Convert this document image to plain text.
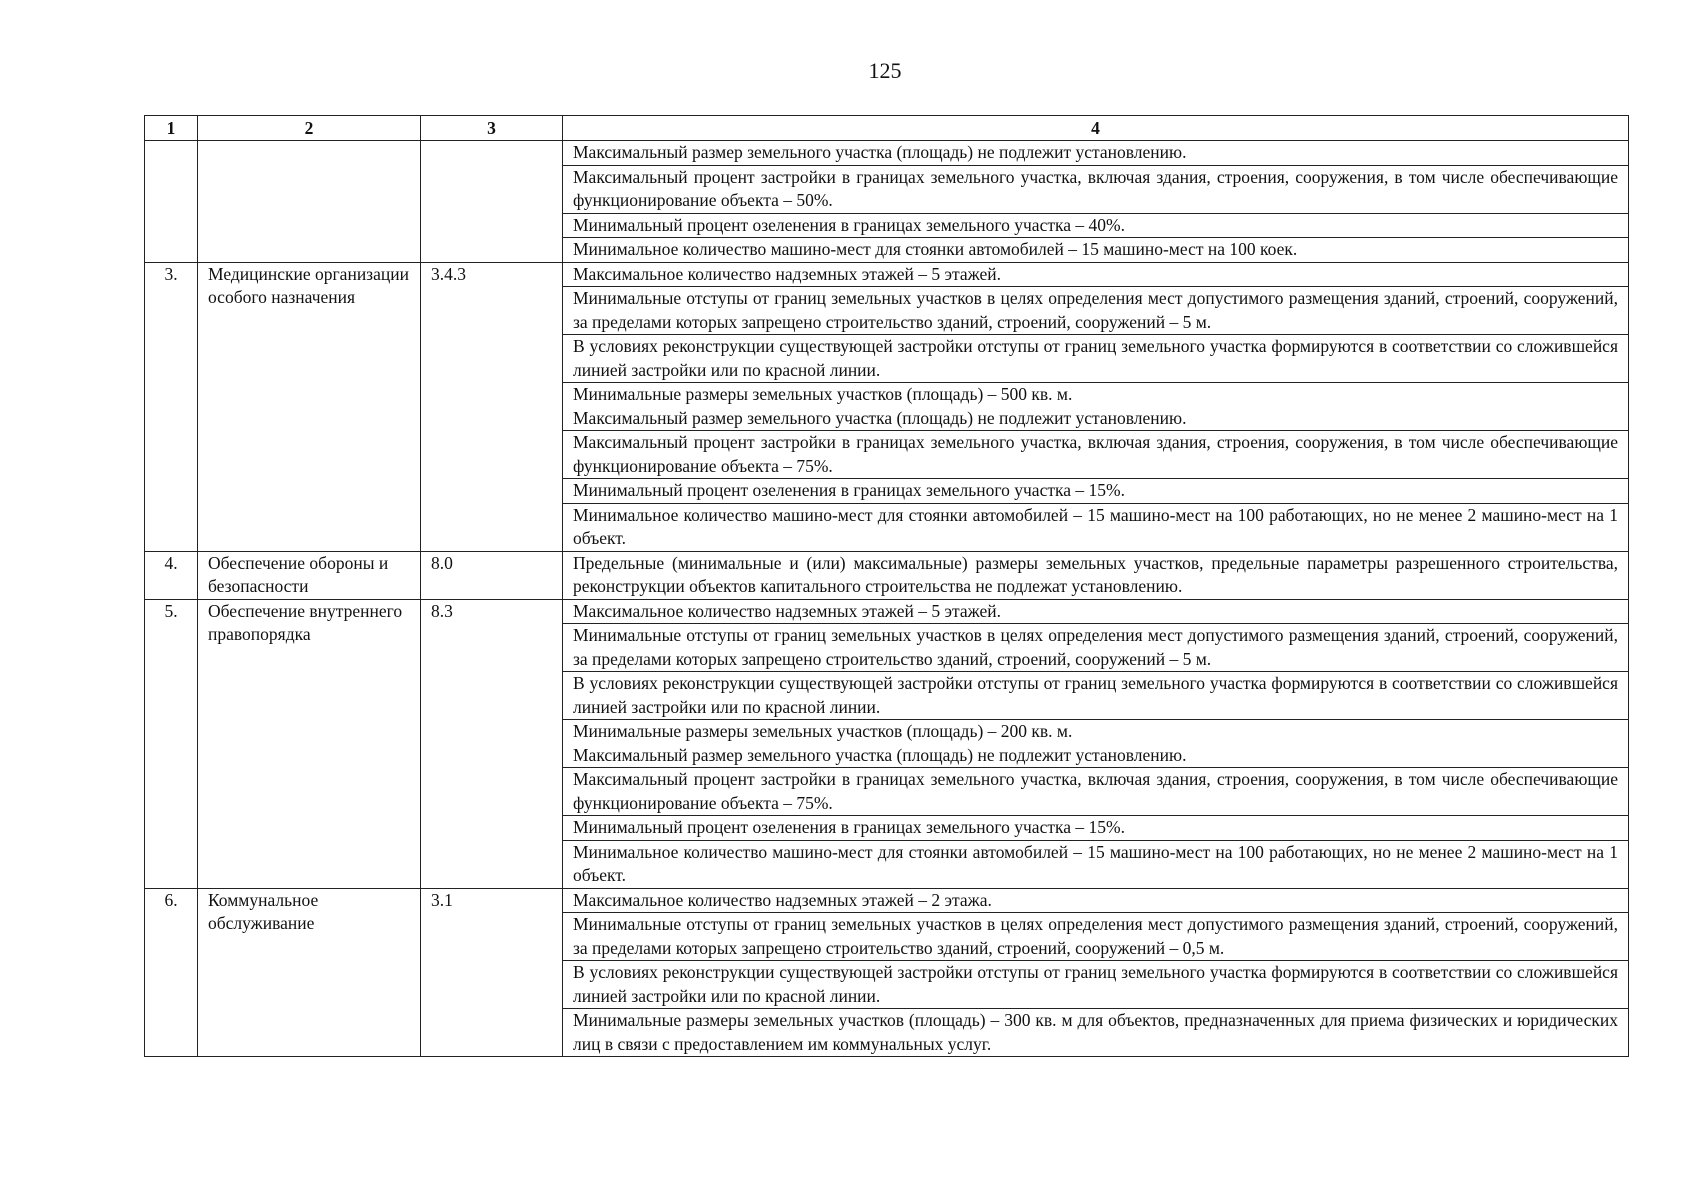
125
1	2	3	4
			Максимальный размер земельного участка (площадь) не подлежит установлению.
			Максимальный процент застройки в границах земельного участка, включая здания, строения, сооружения, в том числе обеспечивающие функционирование объекта – 50%.
			Минимальный процент озеленения в границах земельного участка – 40%.
			Минимальное количество машино-мест для стоянки автомобилей – 15 машино-мест на 100 коек.
3.	Медицинские организации особого назначения	3.4.3	Максимальное количество надземных этажей – 5 этажей.
			Минимальные отступы от границ земельных участков в целях определения мест допустимого размещения зданий, строений, сооружений, за пределами которых запрещено строительство зданий, строений, сооружений – 5 м.
			В условиях реконструкции существующей застройки отступы от границ земельного участка формируются в соответствии со сложившейся линией застройки или по красной линии.
			Минимальные размеры земельных участков (площадь) – 500 кв. м.
Максимальный размер земельного участка (площадь) не подлежит установлению.
			Максимальный процент застройки в границах земельного участка, включая здания, строения, сооружения, в том числе обеспечивающие функционирование объекта – 75%.
			Минимальный процент озеленения в границах земельного участка – 15%.
			Минимальное количество машино-мест для стоянки автомобилей – 15 машино-мест на 100 работающих, но не менее 2 машино-мест на 1 объект.
4.	Обеспечение обороны и безопасности	8.0	Предельные (минимальные и (или) максимальные) размеры земельных участков, предельные параметры разрешенного строительства, реконструкции объектов капитального строительства не подлежат установлению.
5.	Обеспечение внутреннего правопорядка	8.3	Максимальное количество надземных этажей – 5 этажей.
			Минимальные отступы от границ земельных участков в целях определения мест допустимого размещения зданий, строений, сооружений, за пределами которых запрещено строительство зданий, строений, сооружений – 5 м.
			В условиях реконструкции существующей застройки отступы от границ земельного участка формируются в соответствии со сложившейся линией застройки или по красной линии.
			Минимальные размеры земельных участков (площадь) – 200 кв. м.
Максимальный размер земельного участка (площадь) не подлежит установлению.
			Максимальный процент застройки в границах земельного участка, включая здания, строения, сооружения, в том числе обеспечивающие функционирование объекта – 75%.
			Минимальный процент озеленения в границах земельного участка – 15%.
			Минимальное количество машино-мест для стоянки автомобилей – 15 машино-мест на 100 работающих, но не менее 2 машино-мест на 1 объект.
6.	Коммунальное обслуживание	3.1	Максимальное количество надземных этажей – 2 этажа.
			Минимальные отступы от границ земельных участков в целях определения мест допустимого размещения зданий, строений, сооружений, за пределами которых запрещено строительство зданий, строений, сооружений – 0,5 м.
			В условиях реконструкции существующей застройки отступы от границ земельного участка формируются в соответствии со сложившейся линией застройки или по красной линии.
			Минимальные размеры земельных участков (площадь) – 300 кв. м для объектов, предназначенных для приема физических и юридических лиц в связи с предоставлением им коммунальных услуг.
